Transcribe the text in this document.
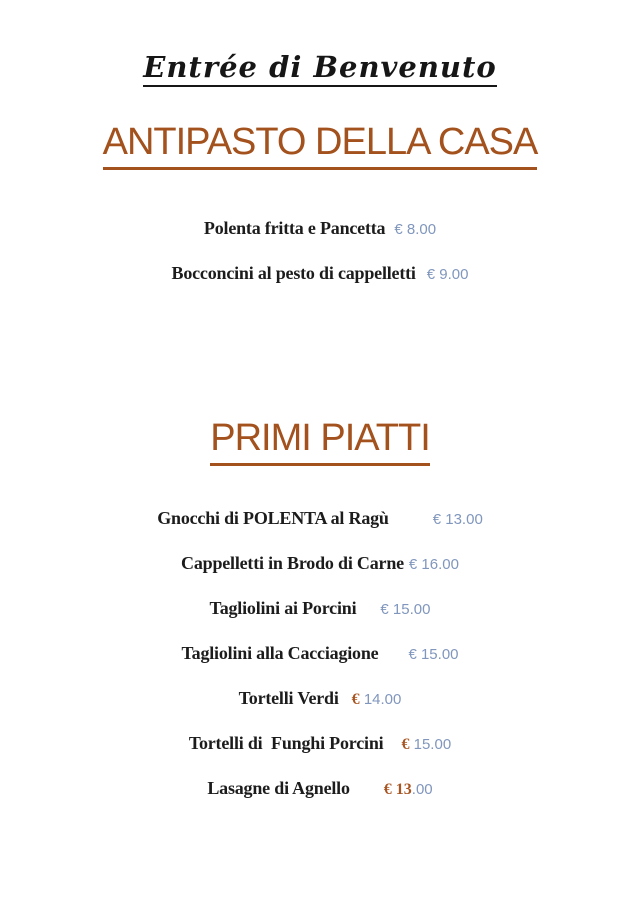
Entrée di Benvenuto
ANTIPASTO DELLA CASA
Polenta fritta e Pancetta € 8.00
Bocconcini al pesto di cappelletti € 9.00
PRIMI PIATTI
Gnocchi di POLENTA al Ragù	€ 13.00
Cappelletti in Brodo di Carne € 16.00
Tagliolini ai Porcini € 15.00
Tagliolini alla Cacciagione € 15.00
Tortelli Verdi € 14.00
Tortelli di  Funghi Porcini € 15.00
Lasagne di Agnello € 13.00
